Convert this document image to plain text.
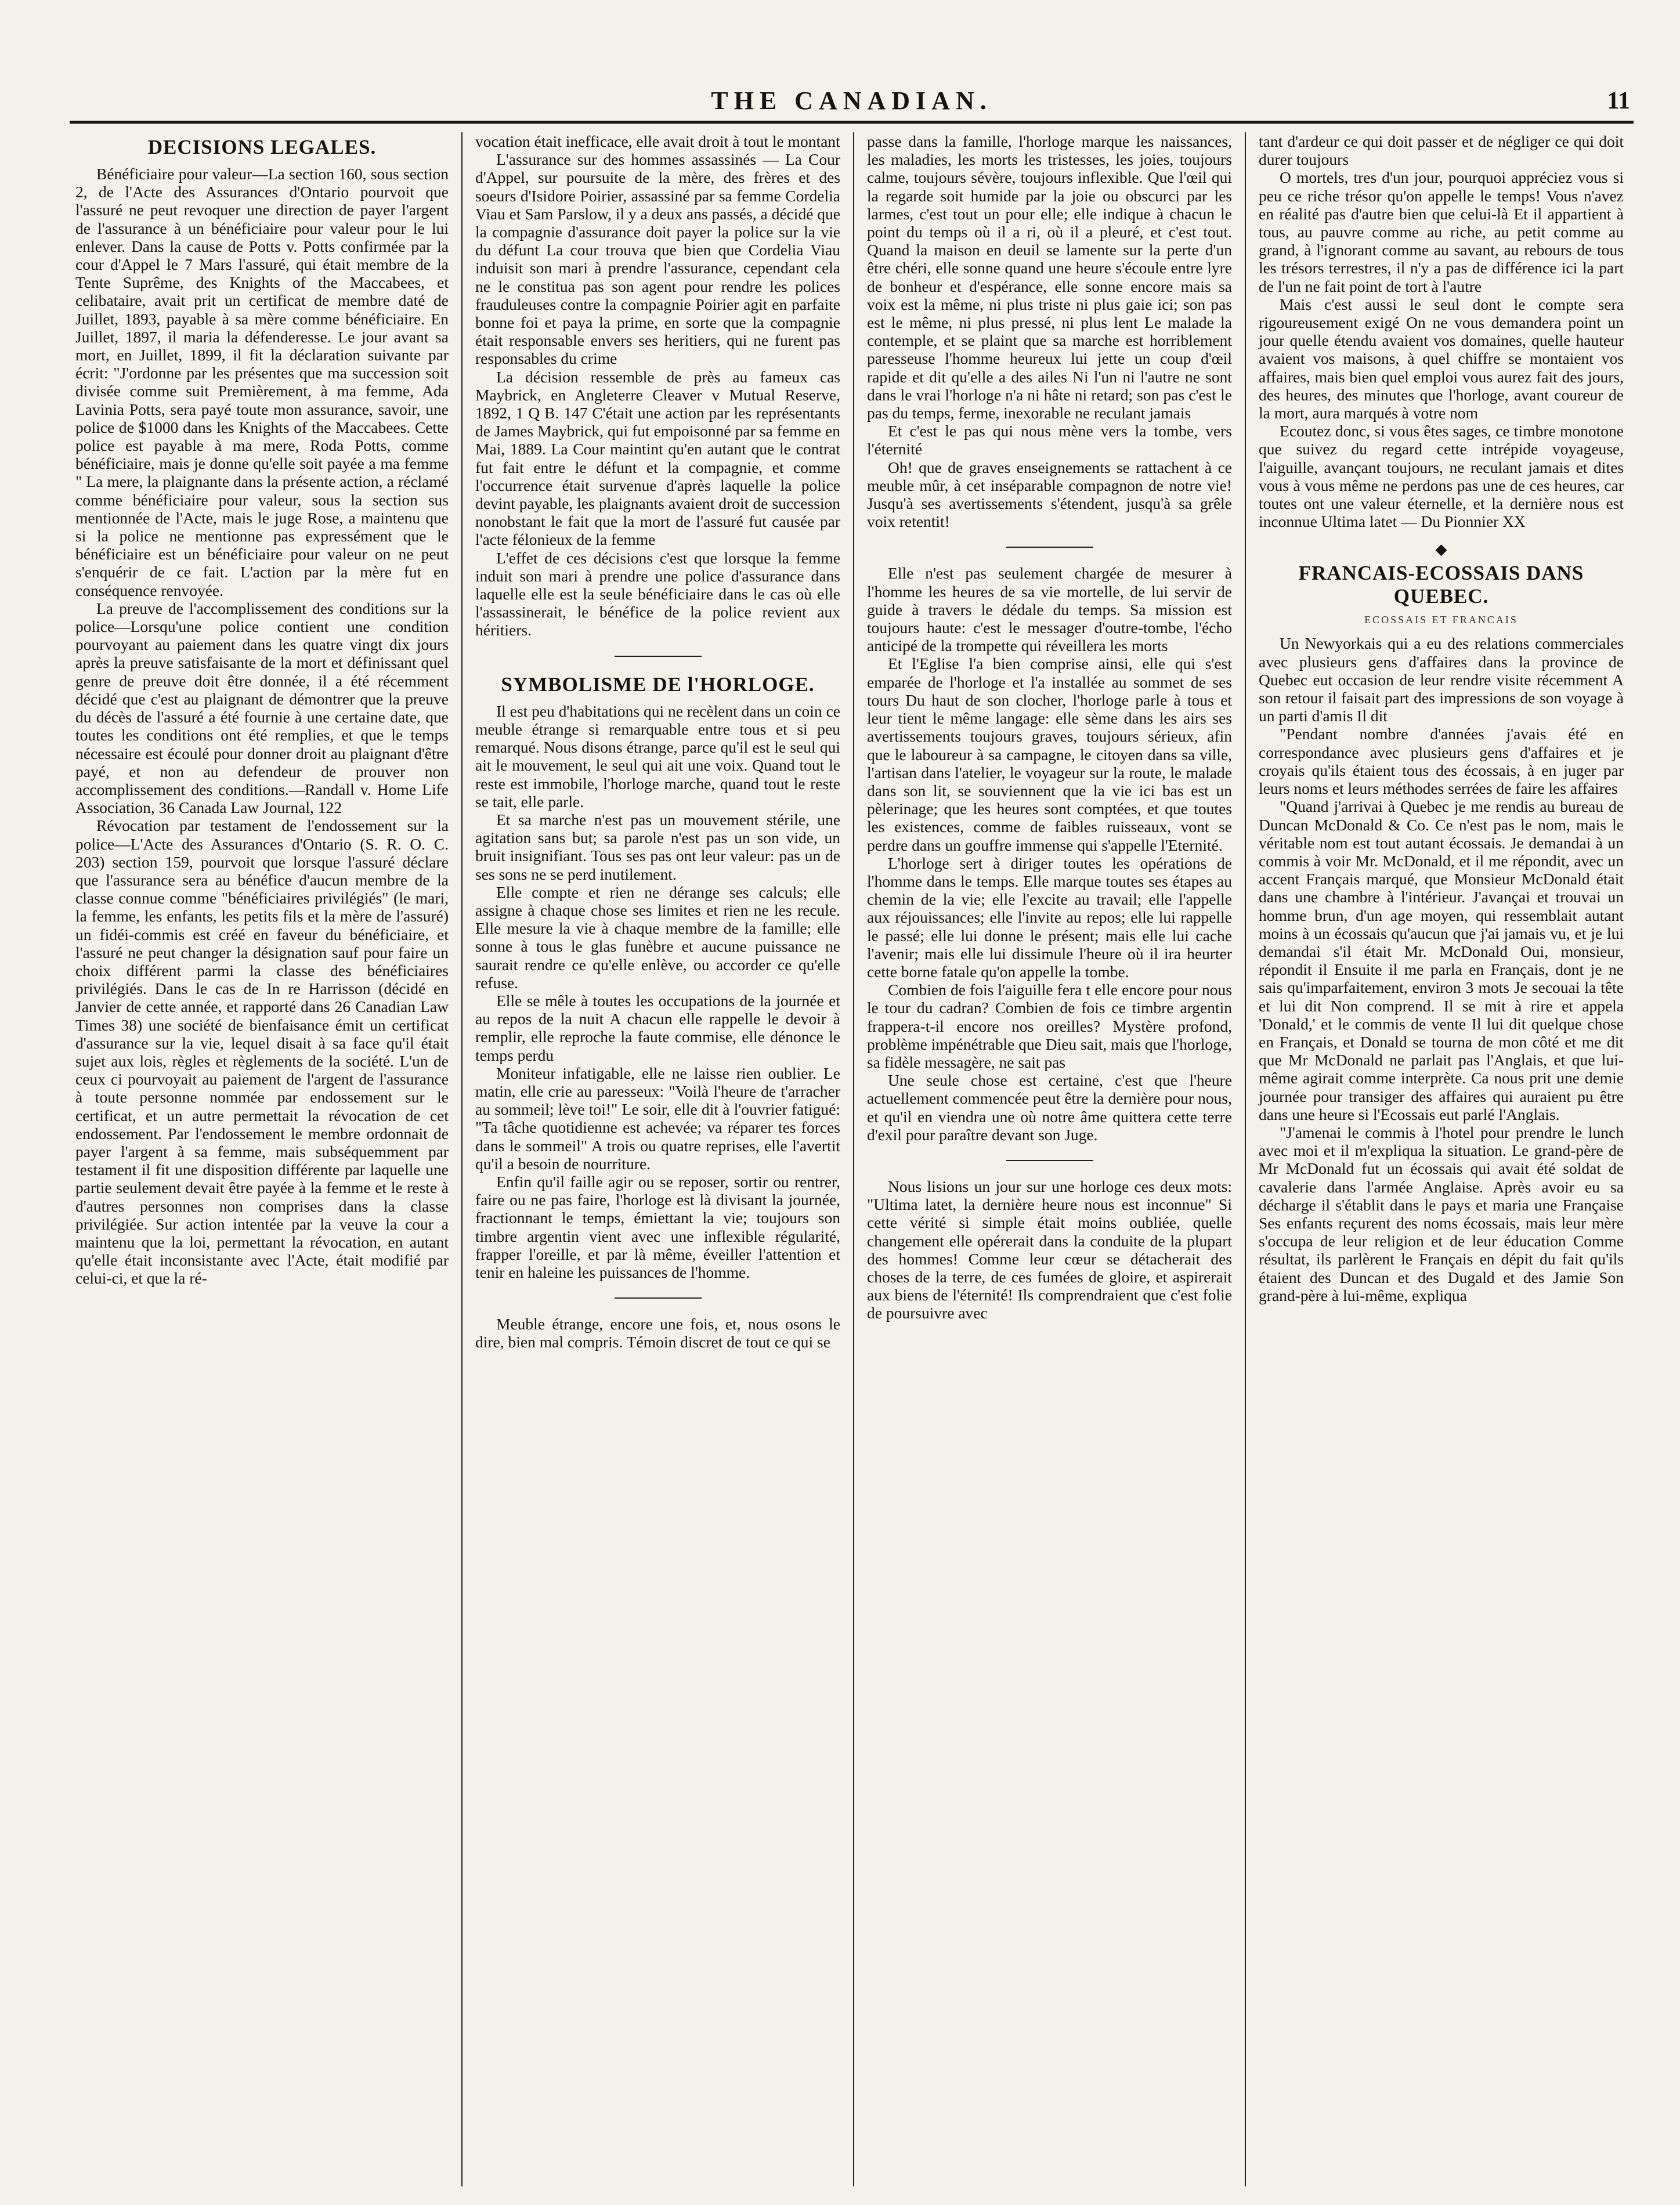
THE CANADIAN.	11
DECISIONS LEGALES.

Bénéficiaire pour valeur—La section 160, sous section 2, de l'Acte des Assurances d'Ontario pourvoit que l'assuré ne peut revoquer une direction de payer l'argent de l'assurance à un bénéficiaire pour valeur pour le lui enlever. Dans la cause de Potts v. Potts confirmée par la cour d'Appel le 7 Mars l'assuré, qui était membre de la Tente Suprême, des Knights of the Maccabees, et celibataire, avait prit un certificat de membre daté de Juillet, 1893, payable à sa mère comme bénéficiaire. En Juillet, 1897, il maria la défenderesse. Le jour avant sa mort, en Juillet, 1899, il fit la déclaration suivante par écrit: "J'ordonne par les présentes que ma succession soit divisée comme suit Premièrement, à ma femme, Ada Lavinia Potts, sera payé toute mon assurance, savoir, une police de $1000 dans les Knights of the Maccabees. Cette police est payable à ma mere, Roda Potts, comme bénéficiaire, mais je donne qu'elle soit payée a ma femme " La mere, la plaignante dans la présente action, a réclamé comme bénéficiaire pour valeur, sous la section sus mentionnée de l'Acte, mais le juge Rose, a maintenu que si la police ne mentionne pas expressément que le bénéficiaire est un bénéficiaire pour valeur on ne peut s'enquérir de ce fait. L'action par la mère fut en conséquence renvoyée.

La preuve de l'accomplissement des conditions sur la police—Lorsqu'une police contient une condition pourvoyant au paiement dans les quatre vingt dix jours après la preuve satisfaisante de la mort et définissant quel genre de preuve doit être donnée, il a été récemment décidé que c'est au plaignant de démontrer que la preuve du décès de l'assuré a été fournie à une certaine date, que toutes les conditions ont été remplies, et que le temps nécessaire est écoulé pour donner droit au plaignant d'être payé, et non au defendeur de prouver non accomplissement des conditions.—Randall v. Home Life Association, 36 Canada Law Journal, 122

Révocation par testament de l'endossement sur la police—L'Acte des Assurances d'Ontario (S. R. O. C. 203) section 159, pourvoit que lorsque l'assuré déclare que l'assurance sera au bénéfice d'aucun membre de la classe connue comme "bénéficiaires privilégiés" (le mari, la femme, les enfants, les petits fils et la mère de l'assuré) un fidéi-commis est créé en faveur du bénéficiaire, et l'assuré ne peut changer la désignation sauf pour faire un choix différent parmi la classe des bénéficiaires privilégiés. Dans le cas de In re Harrisson (décidé en Janvier de cette année, et rapporté dans 26 Canadian Law Times 38) une société de bienfaisance émit un certificat d'assurance sur la vie, lequel disait à sa face qu'il était sujet aux lois, règles et règlements de la société. L'un de ceux ci pourvoyait au paiement de l'argent de l'assurance à toute personne nommée par endossement sur le certificat, et un autre permettait la révocation de cet endossement. Par l'endossement le membre ordonnait de payer l'argent à sa femme, mais subséquemment par testament il fit une disposition différente par laquelle une partie seulement devait être payée à la femme et le reste à d'autres personnes non comprises dans la classe privilégiée. Sur action intentée par la veuve la cour a maintenu que la loi, permettant la révocation, en autant qu'elle était inconsistante avec l'Acte, était modifié par celui-ci, et que la ré-

vocation était inefficace, elle avait droit à tout le montant

L'assurance sur des hommes assassinés — La Cour d'Appel, sur poursuite de la mère, des frères et des soeurs d'Isidore Poirier, assassiné par sa femme Cordelia Viau et Sam Parslow, il y a deux ans passés, a décidé que la compagnie d'assurance doit payer la police sur la vie du défunt La cour trouva que bien que Cordelia Viau induisit son mari à prendre l'assurance, cependant cela ne le constitua pas son agent pour rendre les polices frauduleuses contre la compagnie Poirier agit en parfaite bonne foi et paya la prime, en sorte que la compagnie était responsable envers ses heritiers, qui ne furent pas responsables du crime

La décision ressemble de près au fameux cas Maybrick, en Angleterre Cleaver v Mutual Reserve, 1892, 1 Q B. 147 C'était une action par les représentants de James Maybrick, qui fut empoisonné par sa femme en Mai, 1889. La Cour maintint qu'en autant que le contrat fut fait entre le défunt et la compagnie, et comme l'occurrence était survenue d'après laquelle la police devint payable, les plaignants avaient droit de succession nonobstant le fait que la mort de l'assuré fut causée par l'acte félonieux de la femme

L'effet de ces décisions c'est que lorsque la femme induit son mari à prendre une police d'assurance dans laquelle elle est la seule bénéficiaire dans le cas où elle l'assassinerait, le bénéfice de la police revient aux héritiers.

SYMBOLISME DE l'HORLOGE.

Il est peu d'habitations qui ne recèlent dans un coin ce meuble étrange si remarquable entre tous et si peu remarqué. Nous disons étrange, parce qu'il est le seul qui ait le mouvement, le seul qui ait une voix. Quand tout le reste est immobile, l'horloge marche, quand tout le reste se tait, elle parle.

Et sa marche n'est pas un mouvement stérile, une agitation sans but; sa parole n'est pas un son vide, un bruit insignifiant. Tous ses pas ont leur valeur: pas un de ses sons ne se perd inutilement.

Elle compte et rien ne dérange ses calculs; elle assigne à chaque chose ses limites et rien ne les recule. Elle mesure la vie à chaque membre de la famille; elle sonne à tous le glas funèbre et aucune puissance ne saurait rendre ce qu'elle enlève, ou accorder ce qu'elle refuse.

Elle se mêle à toutes les occupations de la journée et au repos de la nuit A chacun elle rappelle le devoir à remplir, elle reproche la faute commise, elle dénonce le temps perdu

Moniteur infatigable, elle ne laisse rien oublier. Le matin, elle crie au paresseux: "Voilà l'heure de t'arracher au sommeil; lève toi!" Le soir, elle dit à l'ouvrier fatigué: "Ta tâche quotidienne est achevée; va réparer tes forces dans le sommeil" A trois ou quatre reprises, elle l'avertit qu'il a besoin de nourriture.

Enfin qu'il faille agir ou se reposer, sortir ou rentrer, faire ou ne pas faire, l'horloge est là divisant la journée, fractionnant le temps, émiettant la vie; toujours son timbre argentin vient avec une inflexible régularité, frapper l'oreille, et par là même, éveiller l'attention et tenir en haleine les puissances de l'homme.

Meuble étrange, encore une fois, et, nous osons le dire, bien mal compris. Témoin discret de tout ce qui se

passe dans la famille, l'horloge marque les naissances, les maladies, les morts les tristesses, les joies, toujours calme, toujours sévère, toujours inflexible. Que l'œil qui la regarde soit humide par la joie ou obscurci par les larmes, c'est tout un pour elle; elle indique à chacun le point du temps où il a ri, où il a pleuré, et c'est tout. Quand la maison en deuil se lamente sur la perte d'un être chéri, elle sonne quand une heure s'écoule entre lyre de bonheur et d'espérance, elle sonne encore mais sa voix est la même, ni plus triste ni plus gaie ici; son pas est le même, ni plus pressé, ni plus lent Le malade la contemple, et se plaint que sa marche est horriblement paresseuse l'homme heureux lui jette un coup d'œil rapide et dit qu'elle a des ailes Ni l'un ni l'autre ne sont dans le vrai l'horloge n'a ni hâte ni retard; son pas c'est le pas du temps, ferme, inexorable ne reculant jamais

Et c'est le pas qui nous mène vers la tombe, vers l'éternité

Oh! que de graves enseignements se rattachent à ce meuble mûr, à cet inséparable compagnon de notre vie! Jusqu'à ses avertissements s'étendent, jusqu'à sa grêle voix retentit!

Elle n'est pas seulement chargée de mesurer à l'homme les heures de sa vie mortelle, de lui servir de guide à travers le dédale du temps. Sa mission est toujours haute: c'est le messager d'outre-tombe, l'écho anticipé de la trompette qui réveillera les morts

Et l'Eglise l'a bien comprise ainsi, elle qui s'est emparée de l'horloge et l'a installée au sommet de ses tours Du haut de son clocher, l'horloge parle à tous et leur tient le même langage: elle sème dans les airs ses avertissements toujours graves, toujours sérieux, afin que le laboureur à sa campagne, le citoyen dans sa ville, l'artisan dans l'atelier, le voyageur sur la route, le malade dans son lit, se souviennent que la vie ici bas est un pèlerinage; que les heures sont comptées, et que toutes les existences, comme de faibles ruisseaux, vont se perdre dans un gouffre immense qui s'appelle l'Eternité.

L'horloge sert à diriger toutes les opérations de l'homme dans le temps. Elle marque toutes ses étapes au chemin de la vie; elle l'excite au travail; elle l'appelle aux réjouissances; elle l'invite au repos; elle lui rappelle le passé; elle lui donne le présent; mais elle lui cache l'avenir; mais elle lui dissimule l'heure où il ira heurter cette borne fatale qu'on appelle la tombe.

Combien de fois l'aiguille fera t elle encore pour nous le tour du cadran? Combien de fois ce timbre argentin frappera-t-il encore nos oreilles? Mystère profond, problème impénétrable que Dieu sait, mais que l'horloge, sa fidèle messagère, ne sait pas

Une seule chose est certaine, c'est que l'heure actuellement commencée peut être la dernière pour nous, et qu'il en viendra une où notre âme quittera cette terre d'exil pour paraître devant son Juge.

Nous lisions un jour sur une horloge ces deux mots: "Ultima latet, la dernière heure nous est inconnue" Si cette vérité si simple était moins oubliée, quelle changement elle opérerait dans la conduite de la plupart des hommes! Comme leur cœur se détacherait des choses de la terre, de ces fumées de gloire, et aspirerait aux biens de l'éternité! Ils comprendraient que c'est folie de poursuivre avec

tant d'ardeur ce qui doit passer et de négliger ce qui doit durer toujours

O mortels, tres d'un jour, pourquoi appréciez vous si peu ce riche trésor qu'on appelle le temps! Vous n'avez en réalité pas d'autre bien que celui-là Et il appartient à tous, au pauvre comme au riche, au petit comme au grand, à l'ignorant comme au savant, au rebours de tous les trésors terrestres, il n'y a pas de différence ici la part de l'un ne fait point de tort à l'autre

Mais c'est aussi le seul dont le compte sera rigoureusement exigé On ne vous demandera point un jour quelle étendu avaient vos domaines, quelle hauteur avaient vos maisons, à quel chiffre se montaient vos affaires, mais bien quel emploi vous aurez fait des jours, des heures, des minutes que l'horloge, avant coureur de la mort, aura marqués à votre nom

Ecoutez donc, si vous êtes sages, ce timbre monotone que suivez du regard cette intrépide voyageuse, l'aiguille, avançant toujours, ne reculant jamais et dites vous à vous même ne perdons pas une de ces heures, car toutes ont une valeur éternelle, et la dernière nous est inconnue Ultima latet — Du Pionnier XX

◆
FRANCAIS-ECOSSAIS DANS QUEBEC.
ECOSSAIS ET FRANCAIS

Un Newyorkais qui a eu des relations commerciales avec plusieurs gens d'affaires dans la province de Quebec eut occasion de leur rendre visite récemment A son retour il faisait part des impressions de son voyage à un parti d'amis Il dit

"Pendant nombre d'années j'avais été en correspondance avec plusieurs gens d'affaires et je croyais qu'ils étaient tous des écossais, à en juger par leurs noms et leurs méthodes serrées de faire les affaires

"Quand j'arrivai à Quebec je me rendis au bureau de Duncan McDonald & Co. Ce n'est pas le nom, mais le véritable nom est tout autant écossais. Je demandai à un commis à voir Mr. McDonald, et il me répondit, avec un accent Français marqué, que Monsieur McDonald était dans une chambre à l'intérieur. J'avançai et trouvai un homme brun, d'un age moyen, qui ressemblait autant moins à un écossais qu'aucun que j'ai jamais vu, et je lui demandai s'il était Mr. McDonald Oui, monsieur, répondit il Ensuite il me parla en Français, dont je ne sais qu'imparfaitement, environ 3 mots Je secouai la tête et lui dit Non comprend. Il se mit à rire et appela 'Donald,' et le commis de vente Il lui dit quelque chose en Français, et Donald se tourna de mon côté et me dit que Mr McDonald ne parlait pas l'Anglais, et que lui-même agirait comme interprète. Ca nous prit une demie journée pour transiger des affaires qui auraient pu être dans une heure si l'Ecossais eut parlé l'Anglais.

"J'amenai le commis à l'hotel pour prendre le lunch avec moi et il m'expliqua la situation. Le grand-père de Mr McDonald fut un écossais qui avait été soldat de cavalerie dans l'armée Anglaise. Après avoir eu sa décharge il s'établit dans le pays et maria une Française Ses enfants reçurent des noms écossais, mais leur mère s'occupa de leur religion et de leur éducation Comme résultat, ils parlèrent le Français en dépit du fait qu'ils étaient des Duncan et des Dugald et des Jamie Son grand-père à lui-même, expliqua
